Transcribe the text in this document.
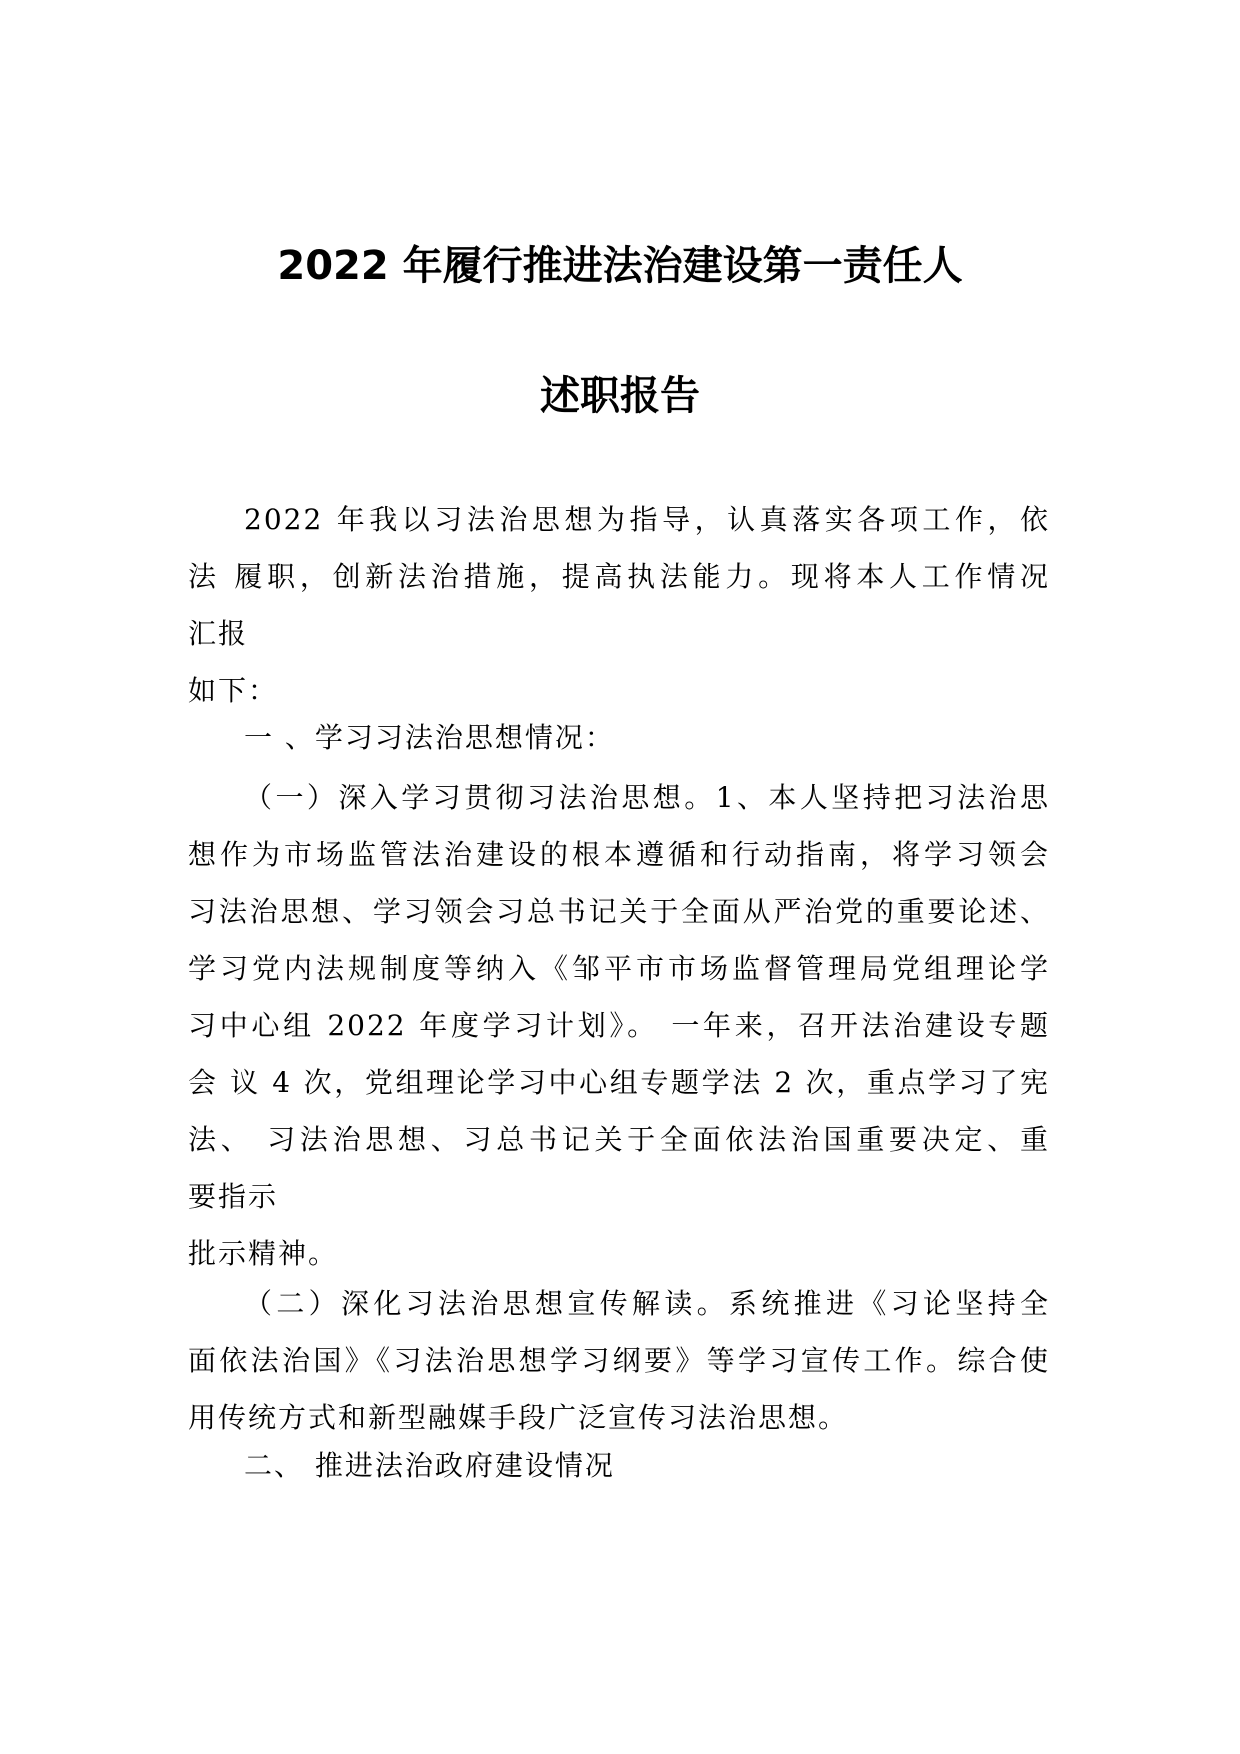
2022 年履行推进法治建设第一责任人
述职报告
2022 年我以习法治思想为指导，认真落实各项工作，依
法 履职，创新法治措施，提高执法能力。现将本人工作情况
汇报
如下：
一 、学习习法治思想情况：
（一）深入学习贯彻习法治思想。1、本人坚持把习法治思
想作为市场监管法治建设的根本遵循和行动指南，将学习领会
习法治思想、学习领会习总书记关于全面从严治党的重要论述、
学习党内法规制度等纳入《邹平市市场监督管理局党组理论学
习中心组 2022 年度学习计划》。 一年来，召开法治建设专题
会 议 4 次，党组理论学习中心组专题学法 2 次，重点学习了宪
法、 习法治思想、习总书记关于全面依法治国重要决定、重
要指示
批示精神。
（二）深化习法治思想宣传解读。系统推进《习论坚持全
面依法治国》《习法治思想学习纲要》等学习宣传工作。综合使
用传统方式和新型融媒手段广泛宣传习法治思想。
二、 推进法治政府建设情况
